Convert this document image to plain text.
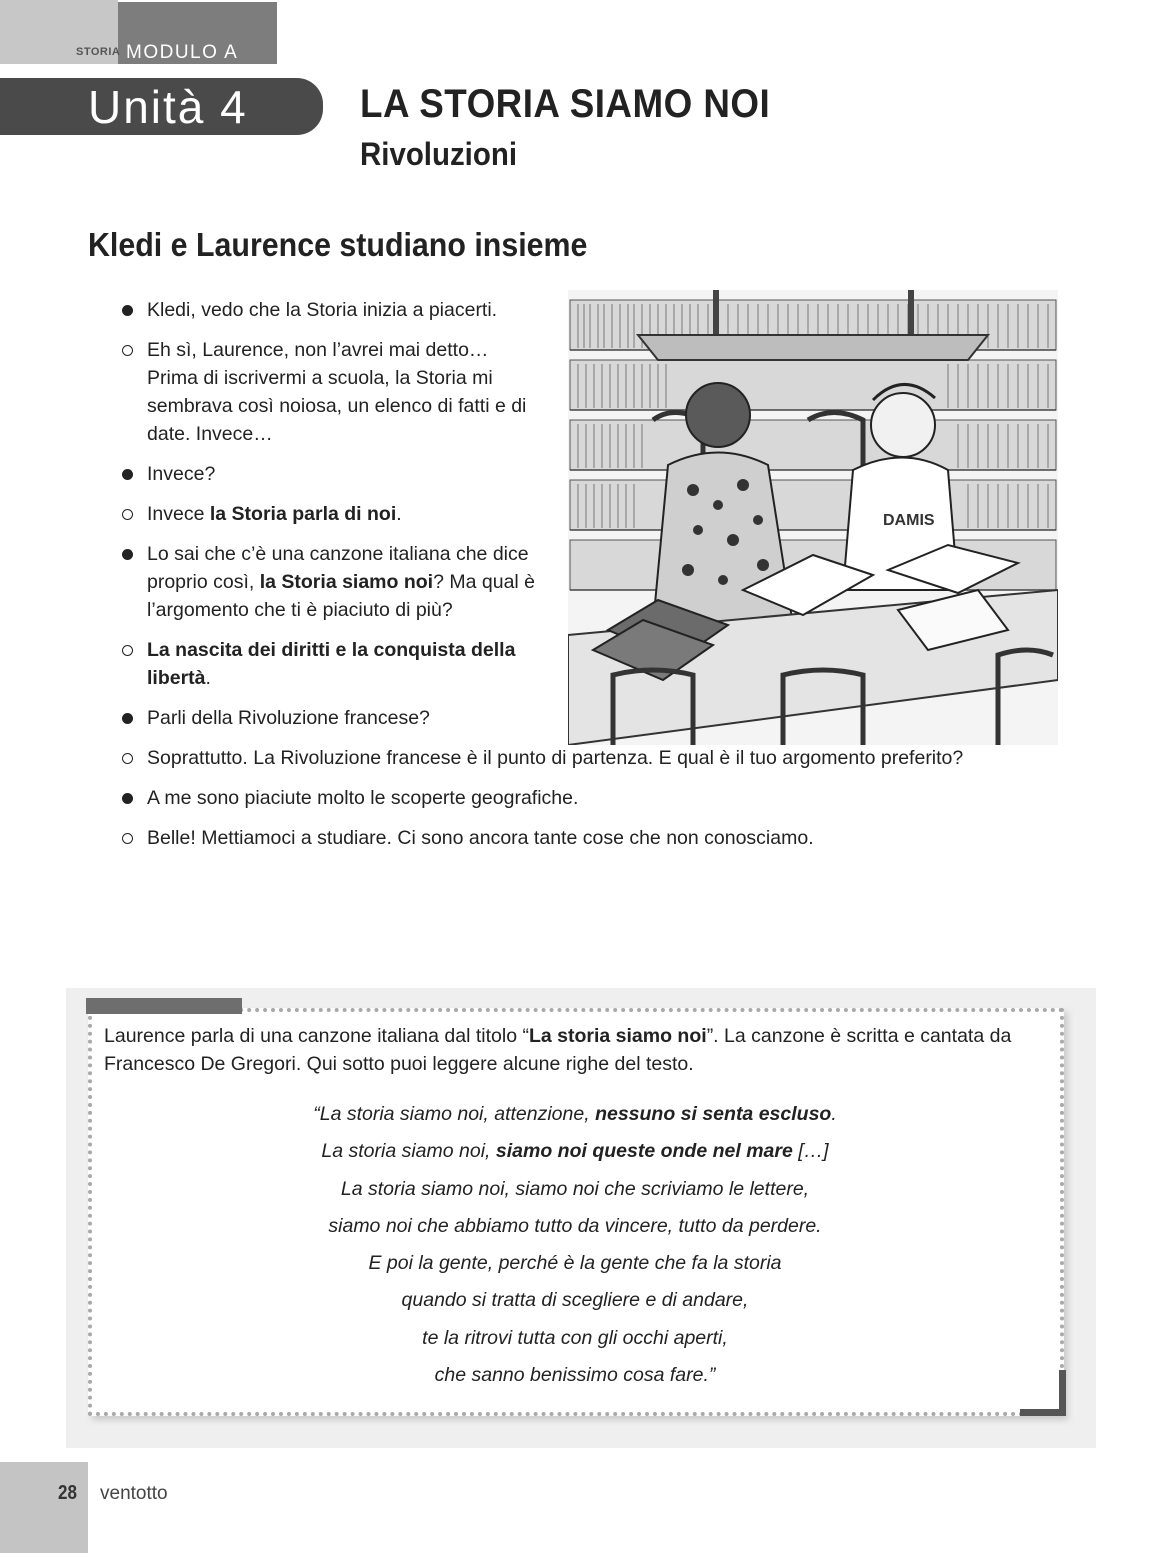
STORIA MODULO A
Unità 4	LA STORIA SIAMO NOI
Rivoluzioni
Kledi e Laurence studiano insieme
Kledi, vedo che la Storia inizia a piacerti.
Eh sì, Laurence, non l’avrei mai detto… Prima di iscrivermi a scuola, la Storia mi sembrava così noiosa, un elenco di fatti e di date. Invece…
Invece?
Invece la Storia parla di noi.
Lo sai che c’è una canzone italiana che dice proprio così, la Storia siamo noi? Ma qual è l’argomento che ti è piaciuto di più?
La nascita dei diritti e la conquista della libertà.
Parli della Rivoluzione francese?
Soprattutto. La Rivoluzione francese è il punto di partenza. E qual è il tuo argomento preferito?
A me sono piaciute molto le scoperte geografiche.
Belle! Mettiamoci a studiare. Ci sono ancora tante cose che non conosciamo.
DAMIS
Laurence parla di una canzone italiana dal titolo “La storia siamo noi”. La canzone è scritta e cantata da Francesco De Gregori. Qui sotto puoi leggere alcune righe del testo.
“La storia siamo noi, attenzione, nessuno si senta escluso.
La storia siamo noi, siamo noi queste onde nel mare […]
La storia siamo noi, siamo noi che scriviamo le lettere,
siamo noi che abbiamo tutto da vincere, tutto da perdere.
E poi la gente, perché è la gente che fa la storia
quando si tratta di scegliere e di andare,
te la ritrovi tutta con gli occhi aperti,
che sanno benissimo cosa fare.”
28 ventotto
